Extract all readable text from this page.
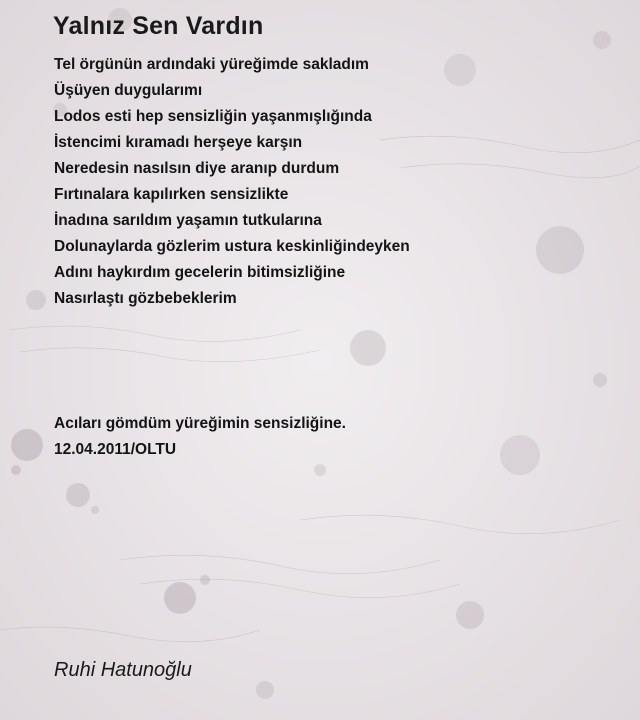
Yalnız Sen Vardın
Tel örgünün ardındaki yüreğimde sakladım
Üşüyen duygularımı
Lodos esti hep sensizliğin yaşanmışlığında
İstencimi kıramadı herşeye karşın
Neredesin nasılsın diye aranıp durdum
Fırtınalara kapılırken sensizlikte
İnadına sarıldım yaşamın tutkularına
Dolunaylarda gözlerim ustura keskinliğindeyken
Adını haykırdım gecelerin bitimsizliğine
Nasırlaştı gözbebeklerim
Acıları gömdüm yüreğimin sensizliğine.
12.04.2011/OLTU
Ruhi Hatunoğlu
